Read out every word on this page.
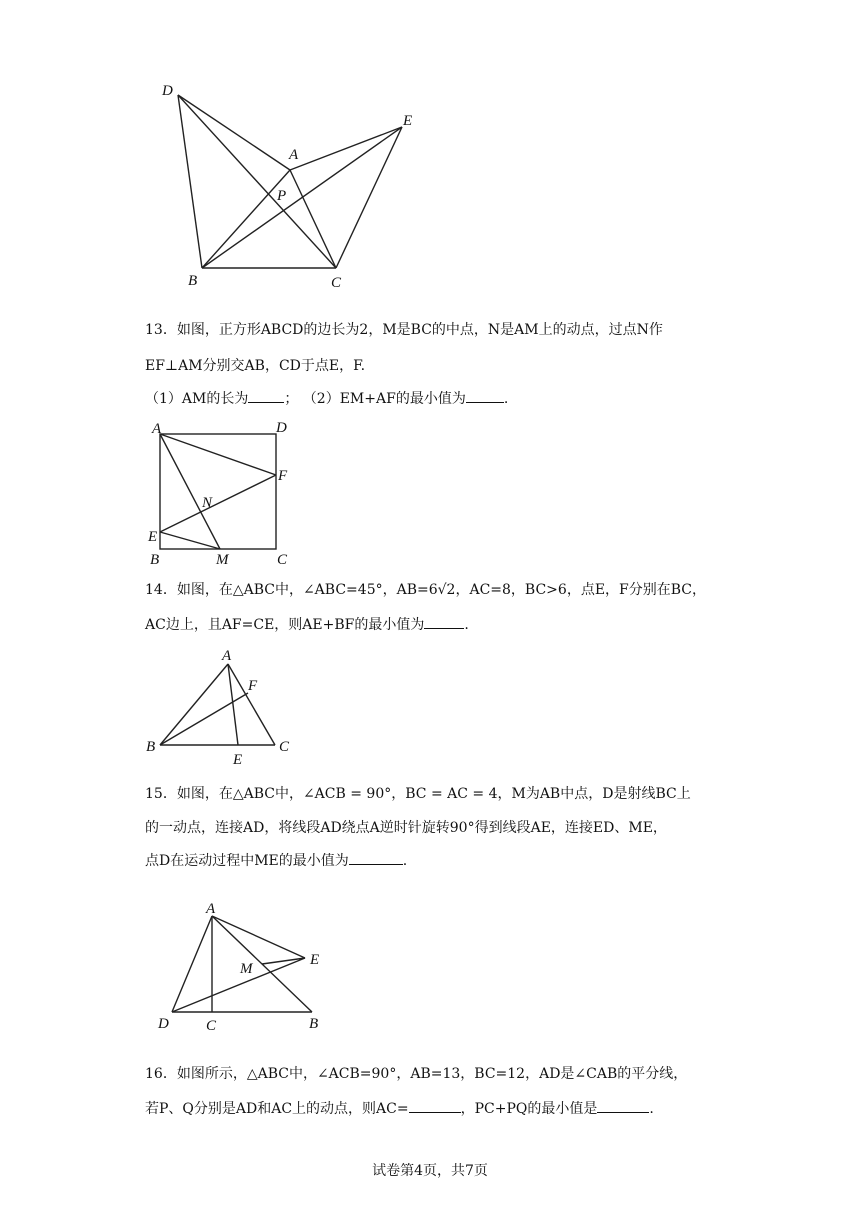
D
E
A
P
B	C

13．如图，正方形ABCD的边长为2，M是BC的中点，N是AM上的动点，过点N作

EF⊥AM分别交AB，CD于点E，F.

（1）AM的长为	； （2）EM+AF的最小值为	.

A	D
F
N
E
B	M	C

14．如图，在△ABC中，∠ABC=45°，AB=6√2，AC=8，BC>6，点E，F分别在BC，

AC边上，且AF=CE，则AE+BF的最小值为	.

A
F
B
E
C

15．如图，在△ABC中，∠ACB = 90°，BC = AC = 4，M为AB中点，D是射线BC上

的一动点，连接AD，将线段AD绕点A逆时针旋转90°得到线段AE，连接ED、ME，

点D在运动过程中ME的最小值为	.

A
M
E
D C	B

16．如图所示，△ABC中，∠ACB=90°，AB=13，BC=12，AD是∠CAB的平分线，

若P、Q分别是AD和AC上的动点，则AC=	，PC+PQ的最小值是	.

试卷第4页，共7页
